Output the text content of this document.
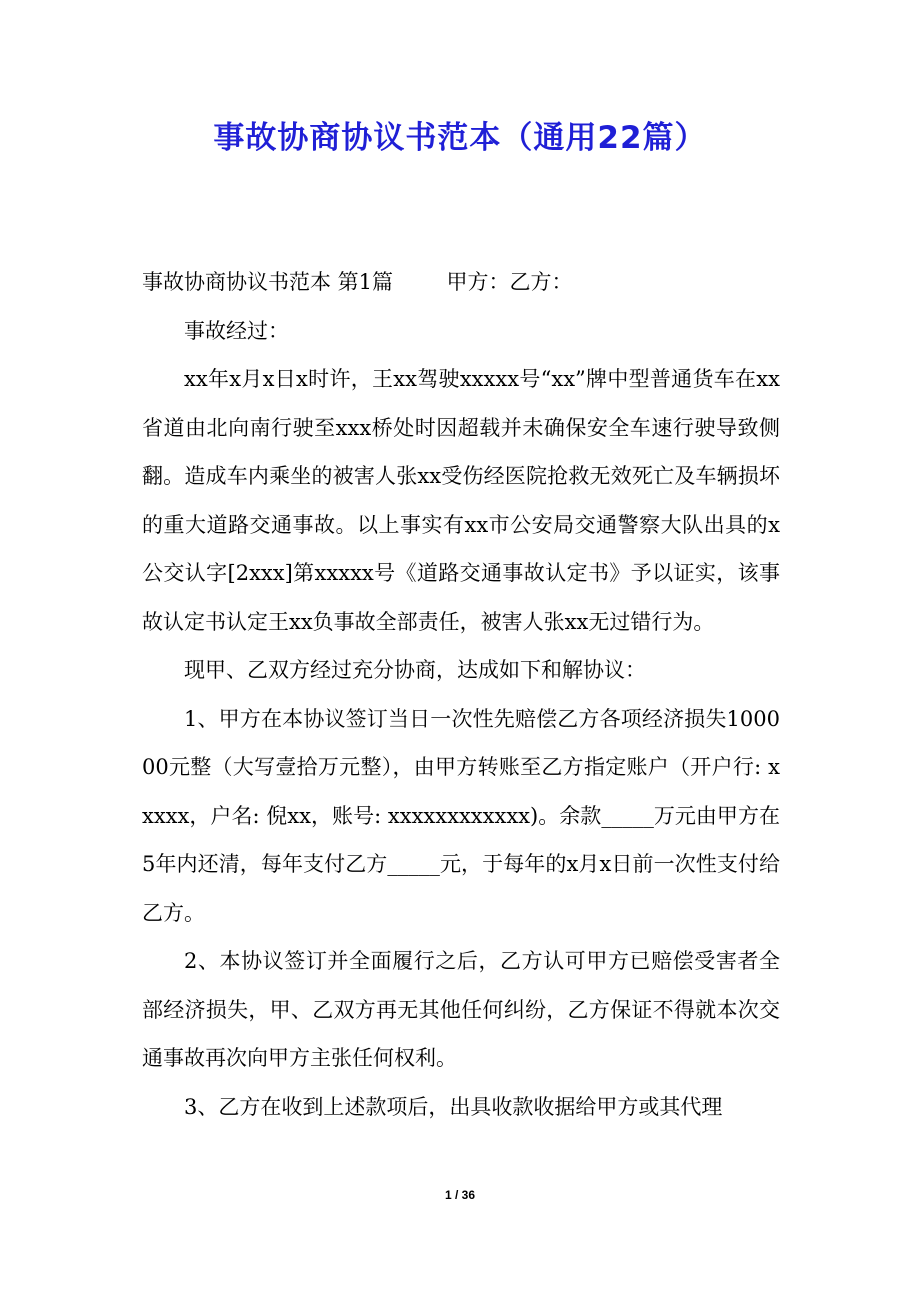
事故协商协议书范本（通用22篇）

事故协商协议书范本 第1篇	甲方：乙方：

事故经过：

xx年x月x日x时许，王xx驾驶xxxxx号“xx”牌中型普通货车在xx省道由北向南行驶至xxx桥处时因超载并未确保安全车速行驶导致侧翻。造成车内乘坐的被害人张xx受伤经医院抢救无效死亡及车辆损坏的重大道路交通事故。以上事实有xx市公安局交通警察大队出具的x公交认字[2xxx]第xxxxx号《道路交通事故认定书》予以证实，该事故认定书认定王xx负事故全部责任，被害人张xx无过错行为。

现甲、乙双方经过充分协商，达成如下和解协议：

1、甲方在本协议签订当日一次性先赔偿乙方各项经济损失100000元整（大写壹拾万元整），由甲方转账至乙方指定账户（开户行: xxxxx，户名: 倪xx，账号: xxxxxxxxxxxx)。余款_____万元由甲方在5年内还清，每年支付乙方_____元，于每年的x月x日前一次性支付给乙方。

2、本协议签订并全面履行之后，乙方认可甲方已赔偿受害者全部经济损失，甲、乙双方再无其他任何纠纷，乙方保证不得就本次交通事故再次向甲方主张任何权利。

3、乙方在收到上述款项后，出具收款收据给甲方或其代理

1 / 36
